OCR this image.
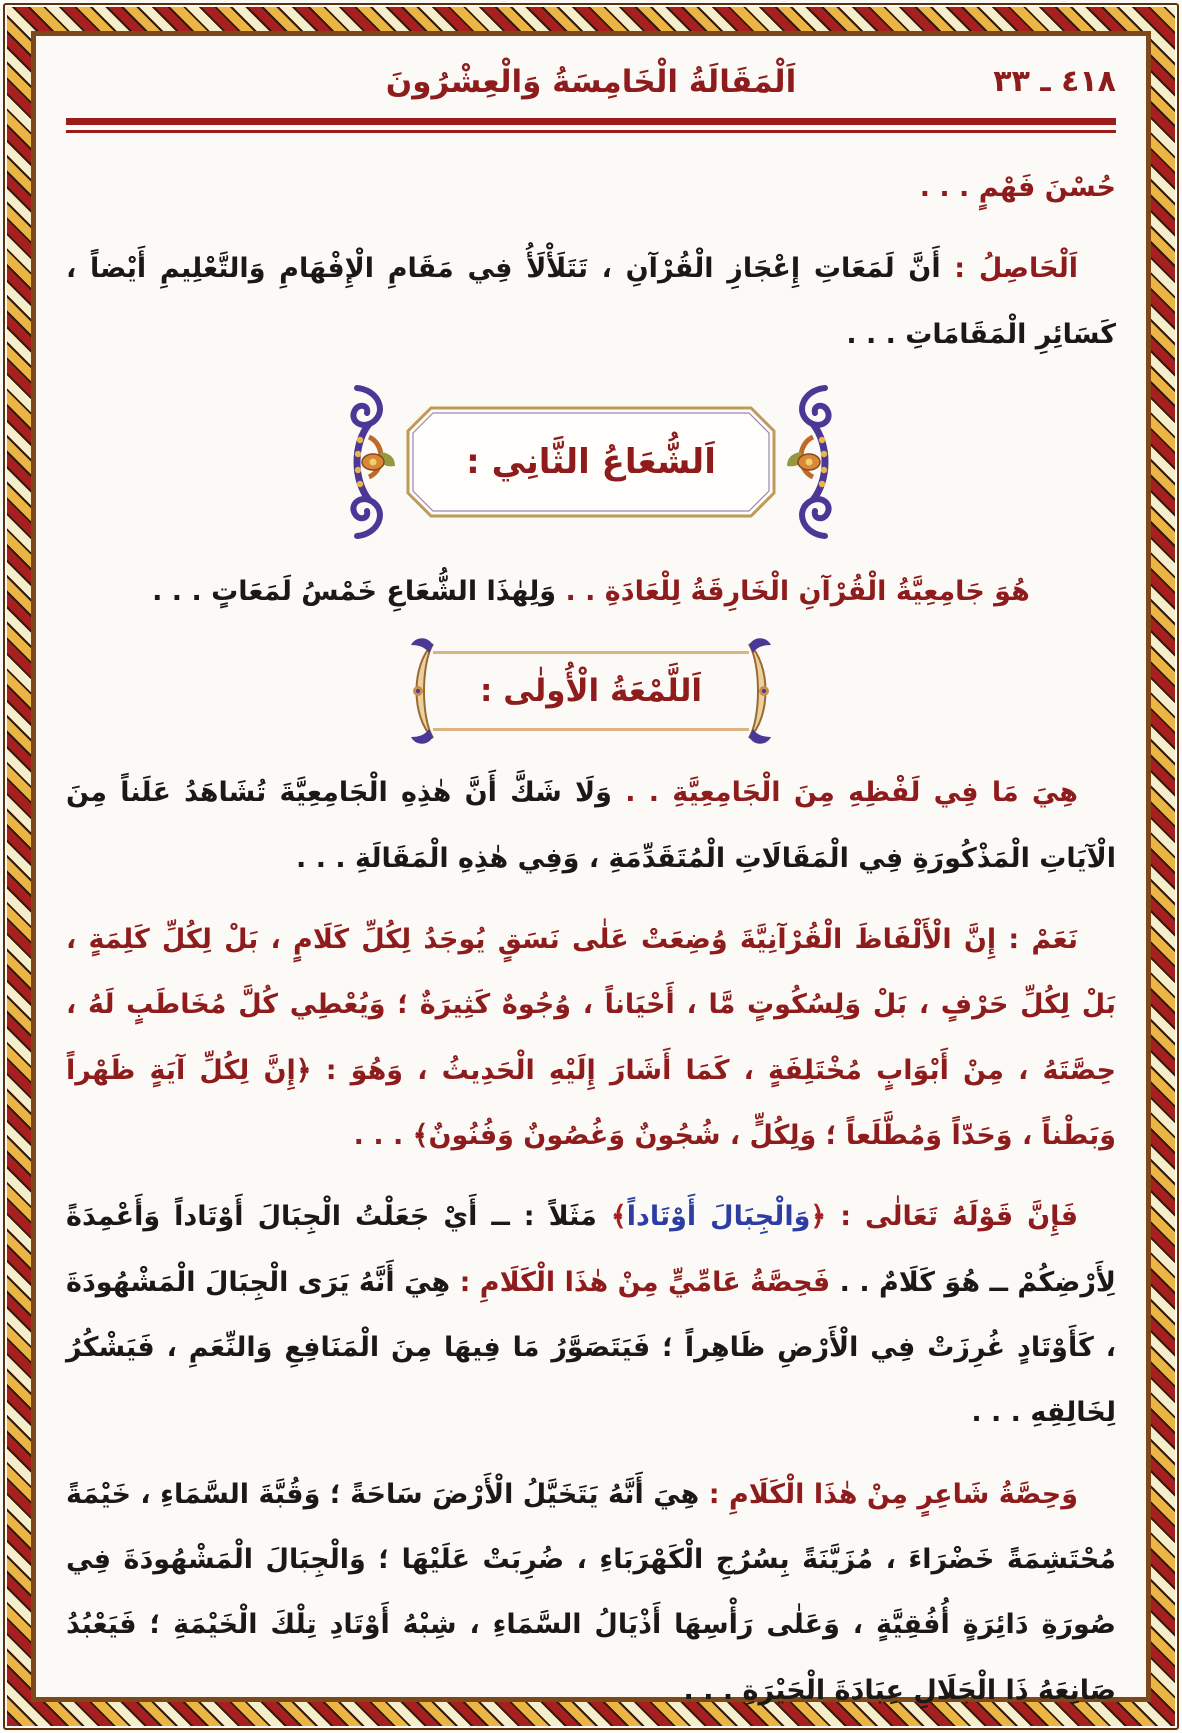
اَلْمَقَالَةُ الْخَامِسَةُ وَالْعِشْرُونَ	٤١٨ ـ ٣٣

حُسْنَ فَهْمٍ . . .

اَلْحَاصِلُ : أَنَّ لَمَعَاتِ إِعْجَازِ الْقُرْآنِ ، تَتَلَأْلَأُ فِي مَقَامِ الْإِفْهَامِ وَالتَّعْلِيمِ أَيْضاً ، كَسَائِرِ الْمَقَامَاتِ . . .

اَلشُّعَاعُ الثَّانِي :

هُوَ جَامِعِيَّةُ الْقُرْآنِ الْخَارِقَةُ لِلْعَادَةِ . . وَلِهٰذَا الشُّعَاعِ خَمْسُ لَمَعَاتٍ . . .

اَللَّمْعَةُ الْأُولٰى :

هِيَ مَا فِي لَفْظِهِ مِنَ الْجَامِعِيَّةِ . . وَلَا شَكَّ أَنَّ هٰذِهِ الْجَامِعِيَّةَ تُشَاهَدُ عَلَناً مِنَ الْآيَاتِ الْمَذْكُورَةِ فِي الْمَقَالَاتِ الْمُتَقَدِّمَةِ ، وَفِي هٰذِهِ الْمَقَالَةِ . . .

نَعَمْ : إِنَّ الْأَلْفَاظَ الْقُرْآنِيَّةَ وُضِعَتْ عَلٰى نَسَقٍ يُوجَدُ لِكُلِّ كَلَامٍ ، بَلْ لِكُلِّ كَلِمَةٍ ، بَلْ لِكُلِّ حَرْفٍ ، بَلْ وَلِسُكُوتٍ مَّا ، أَحْيَاناً ، وُجُوهٌ كَثِيرَةٌ ؛ وَيُعْطِي كُلَّ مُخَاطَبٍ لَهُ ، حِصَّتَهُ ، مِنْ أَبْوَابٍ مُخْتَلِفَةٍ ، كَمَا أَشَارَ إِلَيْهِ الْحَدِيثُ ، وَهُوَ : ﴿إِنَّ لِكُلِّ آيَةٍ ظَهْراً وَبَطْناً ، وَحَدّاً وَمُطَّلَعاً ؛ وَلِكُلٍّ ، شُجُونٌ وَغُصُونٌ وَفُنُونٌ﴾ . . .

فَإِنَّ قَوْلَهُ تَعَالٰى : ﴿وَالْجِبَالَ أَوْتَاداً﴾ مَثَلاً : ــ أَيْ جَعَلْتُ الْجِبَالَ أَوْتَاداً وَأَعْمِدَةً لِأَرْضِكُمْ ــ هُوَ كَلَامٌ . . فَحِصَّةُ عَامِّيٍّ مِنْ هٰذَا الْكَلَامِ : هِيَ أَنَّهُ يَرَى الْجِبَالَ الْمَشْهُودَةَ ، كَأَوْتَادٍ غُرِزَتْ فِي الْأَرْضِ ظَاهِراً ؛ فَيَتَصَوَّرُ مَا فِيهَا مِنَ الْمَنَافِعِ وَالنِّعَمِ ، فَيَشْكُرُ لِخَالِقِهِ . . .

وَحِصَّةُ شَاعِرٍ مِنْ هٰذَا الْكَلَامِ : هِيَ أَنَّهُ يَتَخَيَّلُ الْأَرْضَ سَاحَةً ؛ وَقُبَّةَ السَّمَاءِ ، خَيْمَةً مُحْتَشِمَةً خَضْرَاءَ ، مُزَيَّنَةً بِسُرُجِ الْكَهْرَبَاءِ ، ضُرِبَتْ عَلَيْهَا ؛ وَالْجِبَالَ الْمَشْهُودَةَ فِي صُورَةِ دَائِرَةٍ أُفُقِيَّةٍ ، وَعَلٰى رَأْسِهَا أَذْيَالُ السَّمَاءِ ، شِبْهُ أَوْتَادِ تِلْكَ الْخَيْمَةِ ؛ فَيَعْبُدُ صَانِعَهُ ذَا الْجَلَالِ عِبَادَةَ الْحَيْرَةِ . . .
